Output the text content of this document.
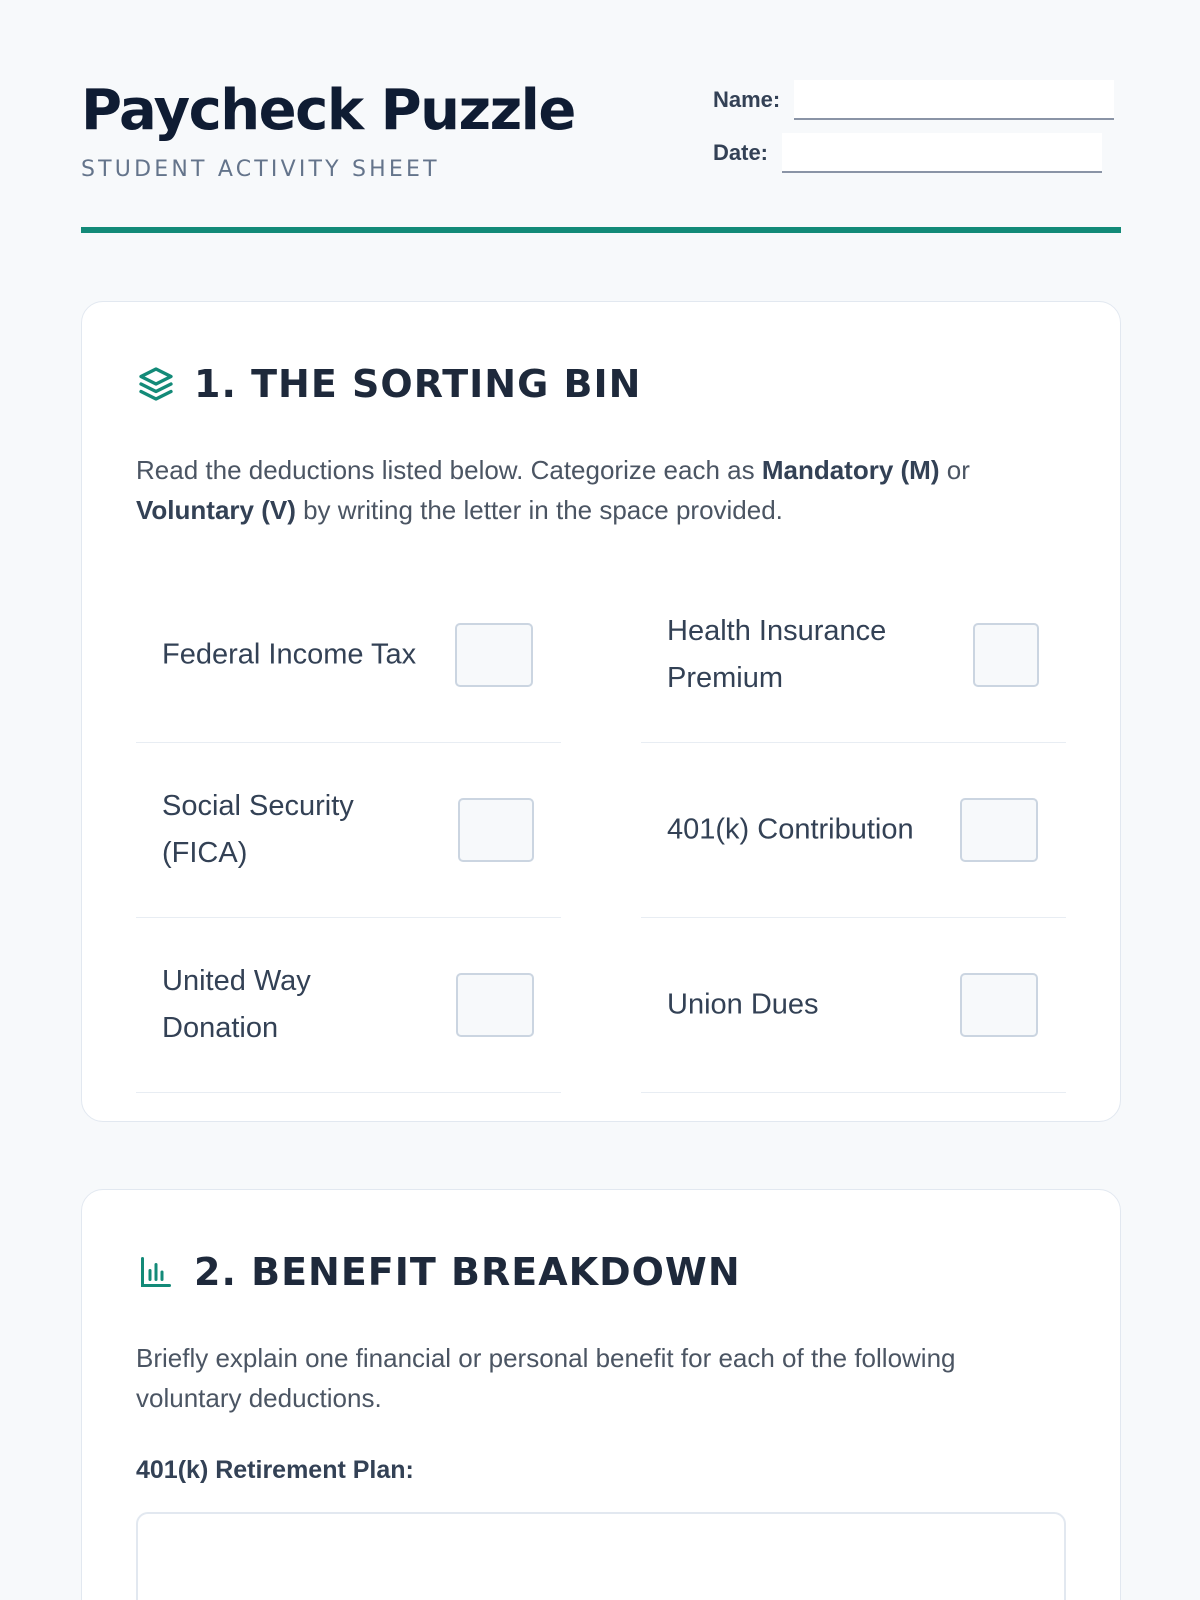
Paycheck Puzzle
STUDENT ACTIVITY SHEET
Name:
Date:
1. THE SORTING BIN

Read the deductions listed below. Categorize each as Mandatory (M) or Voluntary (V) by writing the letter in the space provided.

Federal Income Tax
Health Insurance Premium
Social Security (FICA)
401(k) Contribution
United Way Donation
Union Dues
2. BENEFIT BREAKDOWN

Briefly explain one financial or personal benefit for each of the following voluntary deductions.

401(k) Retirement Plan:
